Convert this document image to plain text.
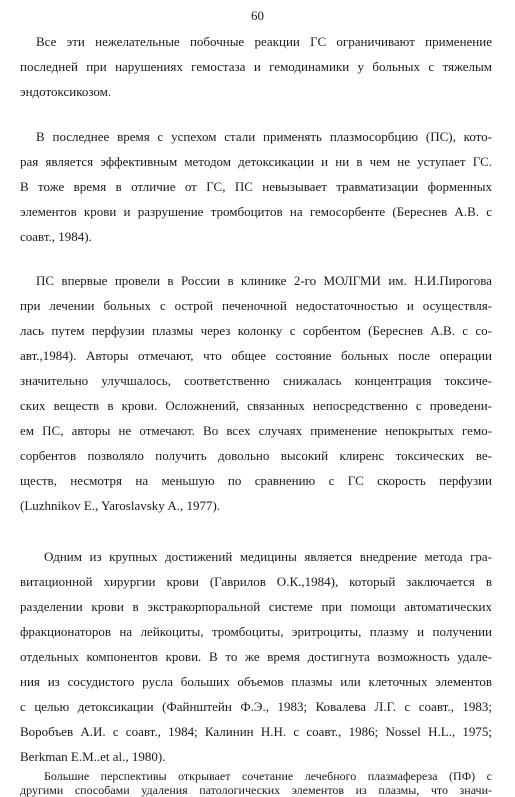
60
Все эти нежелательные побочные реакции ГС ограничивают применение
последней при нарушениях гемостаза и гемодинамики у больных с тяжелым
эндотоксикозом.
В последнее время с успехом стали применять плазмосорбцию (ПС), кото-
рая является эффективным методом детоксикации и ни в чем не уступает ГС.
В тоже время в отличие от ГС, ПС невызывает травматизации форменных
элементов крови и разрушение тромбоцитов на гемосорбенте (Береснев А.В. с
соавт., 1984).
ПС впервые провели в России в клинике 2-го МОЛГМИ им. Н.И.Пирогова
при лечении больных с острой печеночной недостаточностью и осуществля-
лась путем перфузии плазмы через колонку с сорбентом (Береснев А.В. с со-
авт.,1984). Авторы отмечают, что общее состояние больных после операции
значительно улучшалось, соответственно снижалась концентрация токсиче-
ских веществ в крови. Осложнений, связанных непосредственно с проведени-
ем ПС, авторы не отмечают. Во всех случаях применение непокрытых гемо-
сорбентов позволяло получить довольно высокий клиренс токсических ве-
ществ, несмотря на меньшую по сравнению с ГС скорость перфузии
(Luzhnikov E., Yaroslavsky A., 1977).
Одним из крупных достижений медицины является внедрение метода гра-
витационной хирургии крови (Гаврилов О.К.,1984), который заключается в
разделении крови в экстракорпоральной системе при помощи автоматических
фракционаторов на лейкоциты, тромбоциты, эритроциты, плазму и получении
отдельных компонентов крови. В то же время достигнута возможность удале-
ния из сосудистого русла больших объемов плазмы или клеточных элементов
с целью детоксикации (Файнштейн Ф.Э., 1983; Ковалева Л.Г. с соавт., 1983;
Воробъев А.И. с соавт., 1984; Калинин Н.Н. с соавт., 1986; Nossel H.L., 1975;
Berkman E.M..et al., 1980).
Большие перспективы открывает сочетание лечебного плазмафереза (ПФ) с
другими способами удаления патологических элементов из плазмы, что значи-
